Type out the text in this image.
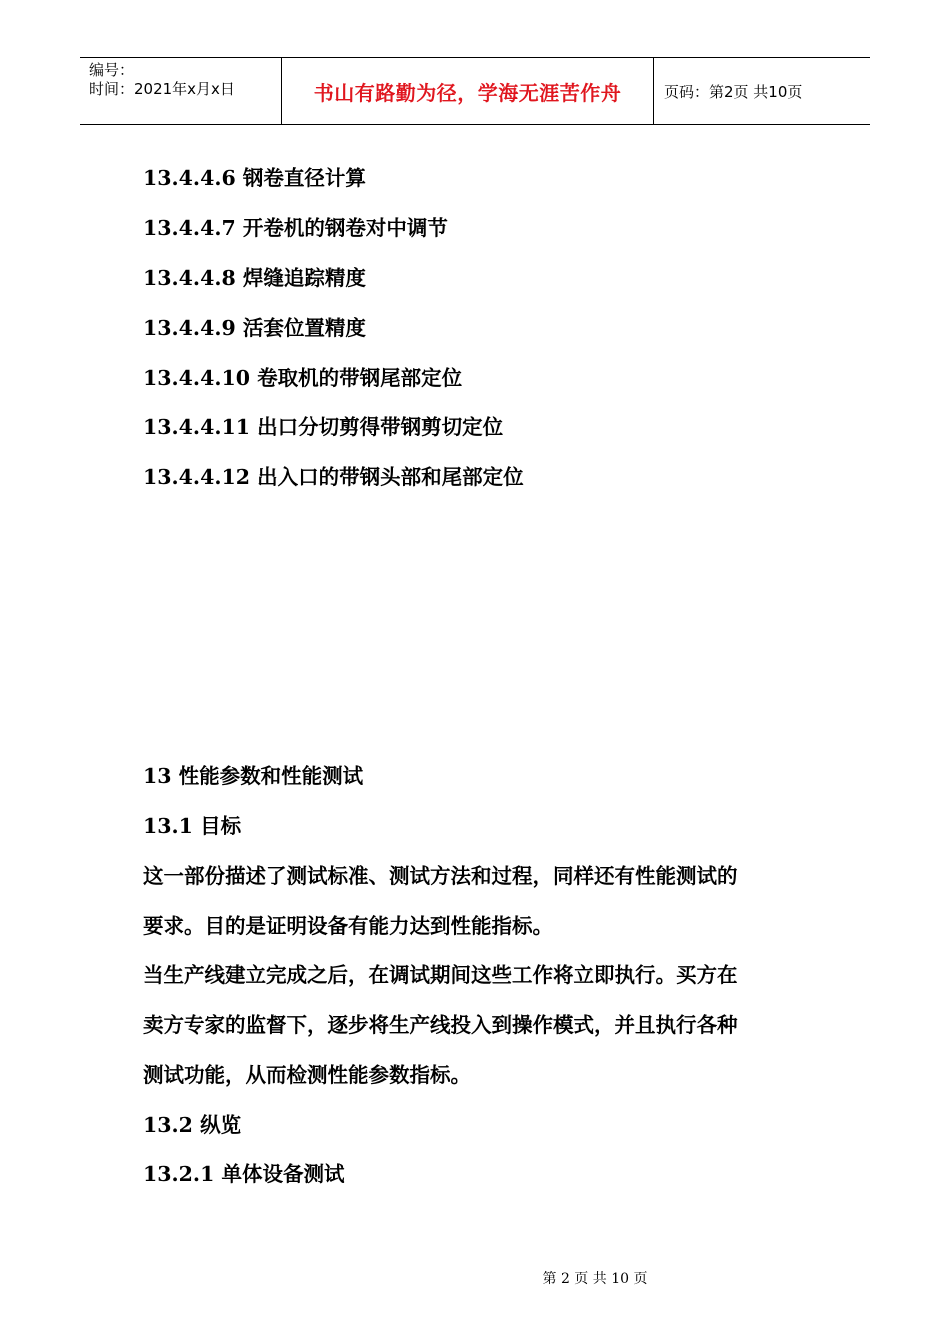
编号：
时间：2021年x月x日	书山有路勤为径，学海无涯苦作舟	页码：第2页 共10页
13.4.4.6 钢卷直径计算
13.4.4.7 开卷机的钢卷对中调节
13.4.4.8 焊缝追踪精度
13.4.4.9 活套位置精度
13.4.4.10 卷取机的带钢尾部定位
13.4.4.11 出口分切剪得带钢剪切定位
13.4.4.12 出入口的带钢头部和尾部定位
13 性能参数和性能测试
13.1 目标
这一部份描述了测试标准、测试方法和过程，同样还有性能测试的
要求。目的是证明设备有能力达到性能指标。
当生产线建立完成之后，在调试期间这些工作将立即执行。买方在
卖方专家的监督下，逐步将生产线投入到操作模式，并且执行各种
测试功能，从而检测性能参数指标。
13.2 纵览
13.2.1 单体设备测试
第 2 页 共 10 页
